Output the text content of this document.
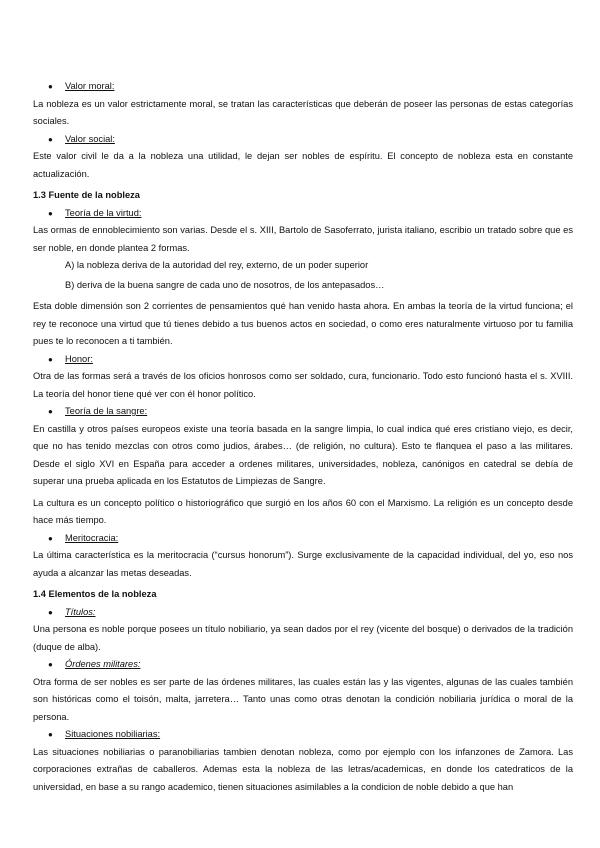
● Valor moral:

La nobleza es un valor estrictamente moral, se tratan las características que deberán de poseer las personas de estas categorías sociales.

● Valor social:

Este valor civil le da a la nobleza una utilidad, le dejan ser nobles de espíritu. El concepto de nobleza esta en constante actualización.

1.3 Fuente de la nobleza
● Teoría de la virtud:

Las ormas de ennoblecimiento son varias. Desde el s. XIII, Bartolo de Sasoferrato, jurista italiano, escribio un tratado sobre que es ser noble, en donde plantea 2 formas.

A) la nobleza deriva de la autoridad del rey, externo, de un poder superior

B) deriva de la buena sangre de cada uno de nosotros, de los antepasados…

Esta doble dimensión son 2 corrientes de pensamientos qué han venido hasta ahora. En ambas la teoría de la virtud funciona; el rey te reconoce una virtud que tú tienes debido a tus buenos actos en sociedad, o como eres naturalmente virtuoso por tu familia pues te lo reconocen a ti también.

● Honor:

Otra de las formas será a través de los oficios honrosos como ser soldado, cura, funcionario. Todo esto funcionó hasta el s. XVIII. La teoría del honor tiene qué ver con él honor político.

● Teoría de la sangre:

En castilla y otros países europeos existe una teoría basada en la sangre limpia, lo cual indica qué eres cristiano viejo, es decir, que no has tenido mezclas con otros como judios, árabes… (de religión, no cultura). Esto te flanquea el paso a las militares. Desde el siglo XVI en España para acceder a ordenes militares, universidades, nobleza, canónigos en catedral se debía de superar una prueba aplicada en los Estatutos de Limpiezas de Sangre.

La cultura es un concepto político o historiográfico que surgió en los años 60 con el Marxismo. La religión es un concepto desde hace más tiempo.

● Meritocracia:

La última característica es la meritocracia (“cursus honorum”). Surge exclusivamente de la capacidad individual, del yo, eso nos ayuda a alcanzar las metas deseadas.

1.4 Elementos de la nobleza
● Títulos:

Una persona es noble porque posees un título nobiliario, ya sean dados por el rey (vicente del bosque) o derivados de la tradición (duque de alba).

● Órdenes militares:

Otra forma de ser nobles es ser parte de las órdenes militares, las cuales están las y las vigentes, algunas de las cuales también son históricas como el toisón, malta, jarretera… Tanto unas como otras denotan la condición nobiliaria jurídica o moral de la persona.

● Situaciones nobiliarias:

Las situaciones nobiliarias o paranobiliarias tambien denotan nobleza, como por ejemplo con los infanzones de Zamora. Las corporaciones extrañas de caballeros. Ademas esta la nobleza de las letras/academicas, en donde los catedraticos de la universidad, en base a su rango academico, tienen situaciones asimilables a la condicion de noble debido a que han
